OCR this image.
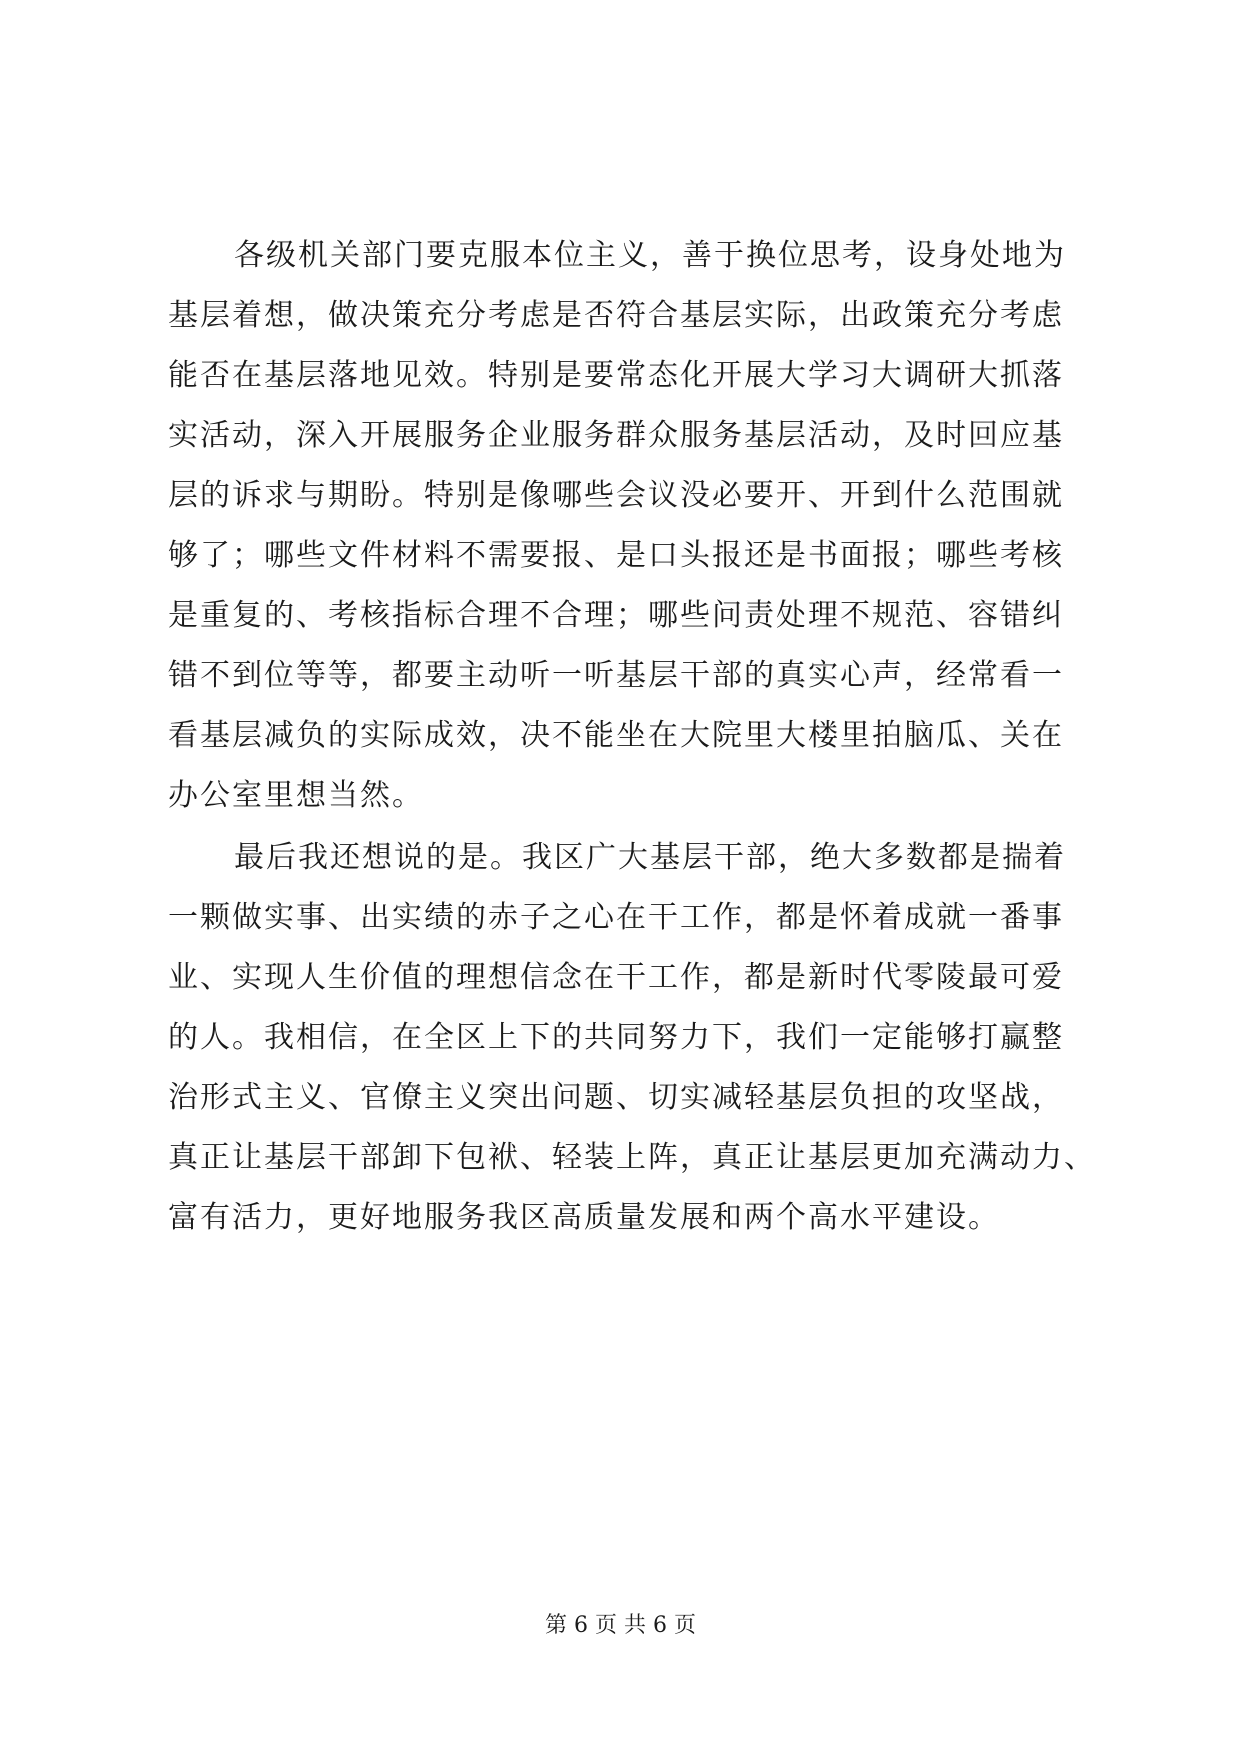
各级机关部门要克服本位主义，善于换位思考，设身处地为
基层着想，做决策充分考虑是否符合基层实际，出政策充分考虑
能否在基层落地见效。特别是要常态化开展大学习大调研大抓落
实活动，深入开展服务企业服务群众服务基层活动，及时回应基
层的诉求与期盼。特别是像哪些会议没必要开、开到什么范围就
够了；哪些文件材料不需要报、是口头报还是书面报；哪些考核
是重复的、考核指标合理不合理；哪些问责处理不规范、容错纠
错不到位等等，都要主动听一听基层干部的真实心声，经常看一
看基层减负的实际成效，决不能坐在大院里大楼里拍脑瓜、关在
办公室里想当然。
最后我还想说的是。我区广大基层干部，绝大多数都是揣着
一颗做实事、出实绩的赤子之心在干工作，都是怀着成就一番事
业、实现人生价值的理想信念在干工作，都是新时代零陵最可爱
的人。我相信，在全区上下的共同努力下，我们一定能够打赢整
治形式主义、官僚主义突出问题、切实减轻基层负担的攻坚战，
真正让基层干部卸下包袱、轻装上阵，真正让基层更加充满动力、
富有活力，更好地服务我区高质量发展和两个高水平建设。
第 6 页 共 6 页
